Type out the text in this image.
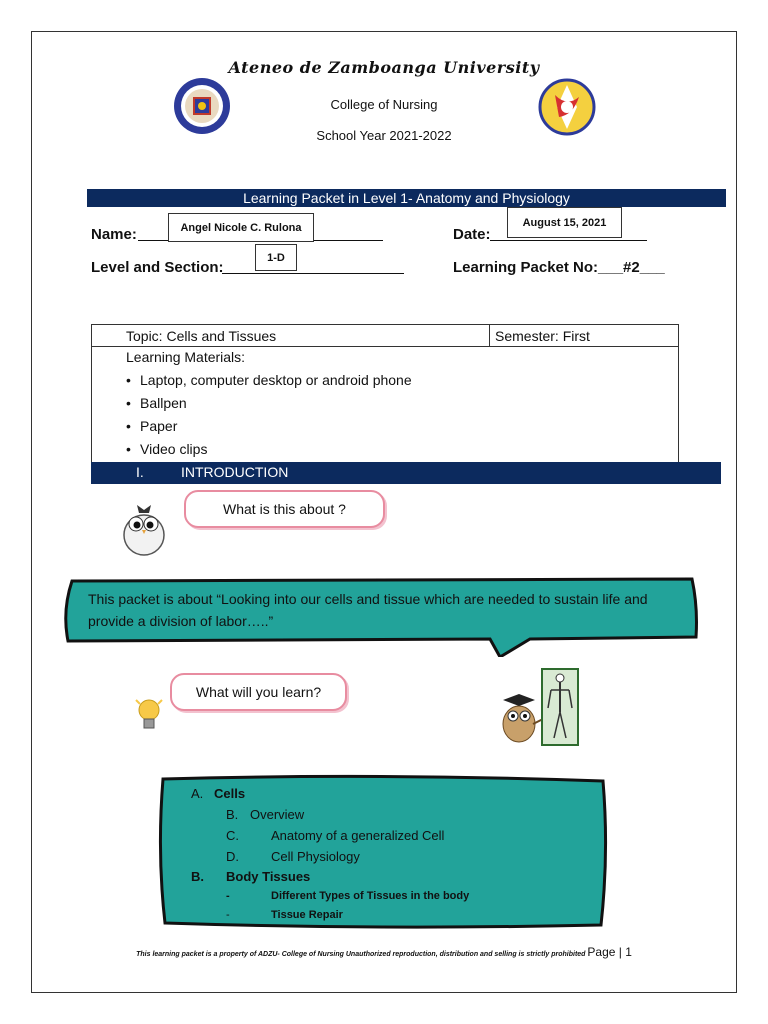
Ateneo de Zamboanga University
College of Nursing
School Year 2021-2022
Learning Packet in Level 1- Anatomy and Physiology
Name:	Angel Nicole C. Rulona	Date:
August 15, 2021
Level and Section:
1-D
Learning Packet No:___#2___
Topic: Cells and Tissues	Semester: First
Learning Materials:
• Laptop, computer desktop or android phone
• Ballpen
• Paper
• Video clips
I.	INTRODUCTION
What is this about ?
This packet is about “Looking into our cells and tissue which are needed to sustain life and provide a division of labor…..”
What will you learn?
A. Cells
B. Overview
C. Anatomy of a generalized Cell
D. Cell Physiology
B. Body Tissues
-	Different Types of Tissues in the body
-	Tissue Repair
This learning packet is a property of ADZU- College of Nursing Unauthorized reproduction, distribution and selling is strictly prohibited Page | 1
